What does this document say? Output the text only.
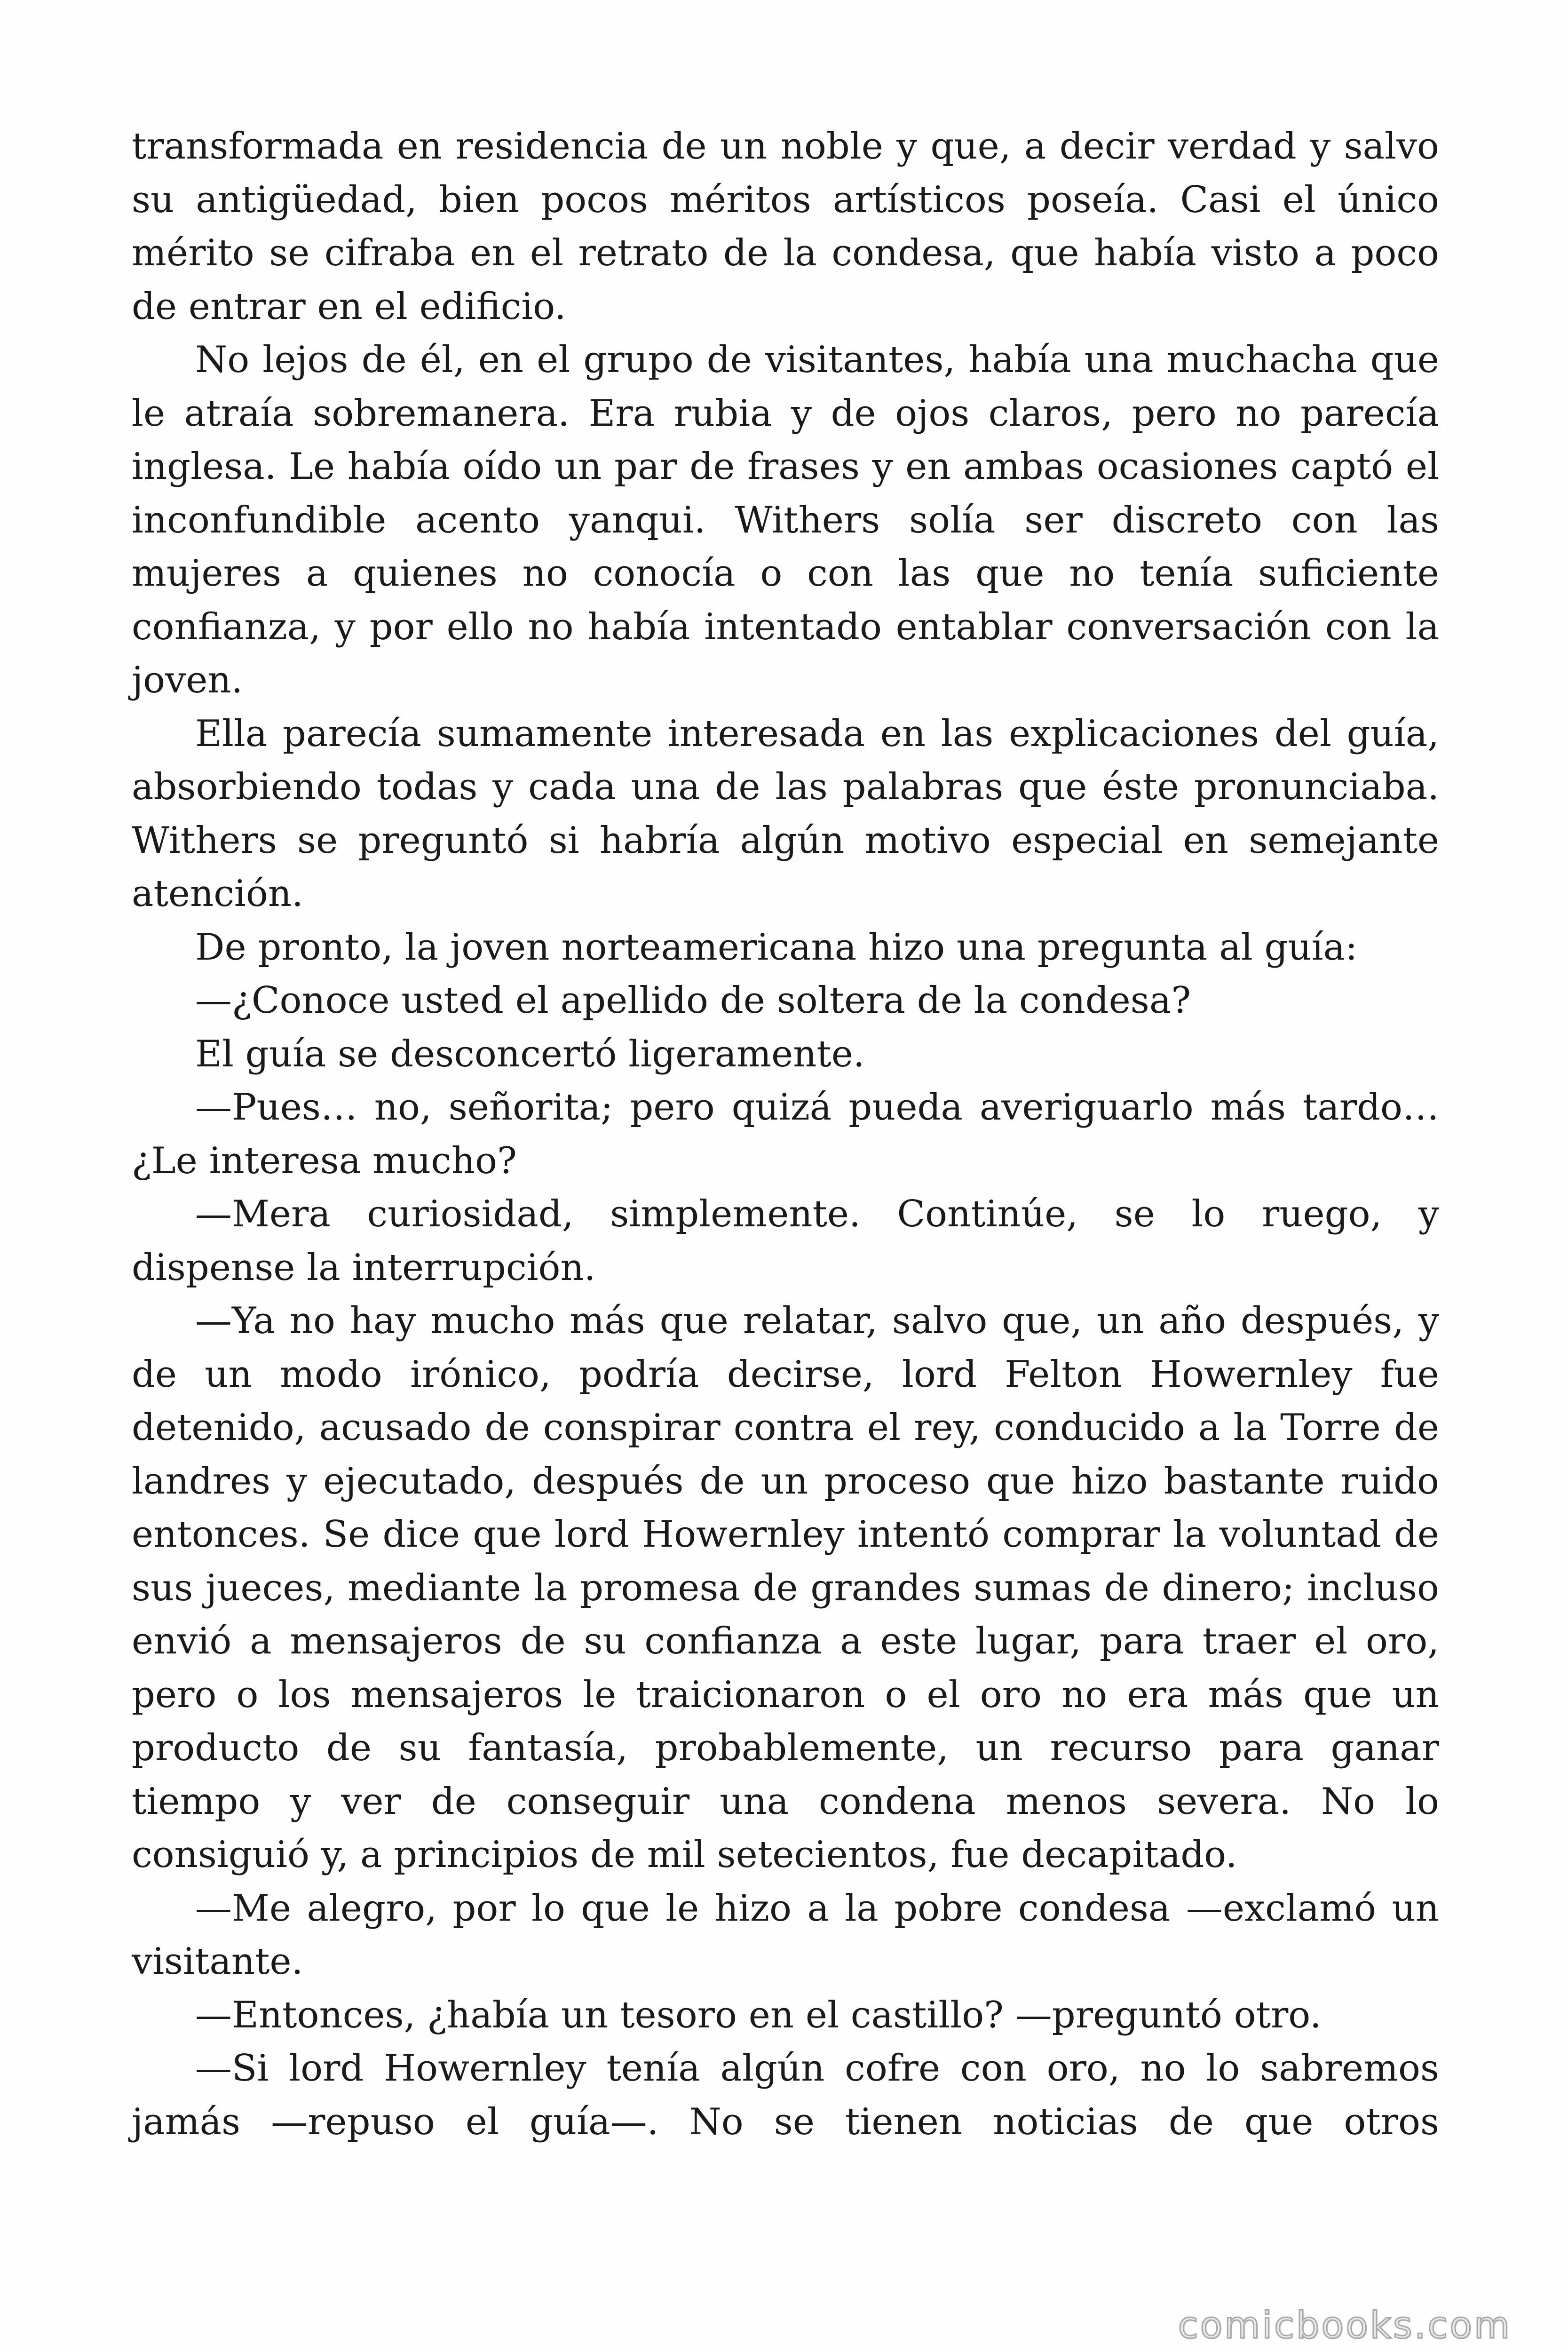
transformada en residencia de un noble y que, a decir verdad y salvo su antigüedad, bien pocos méritos artísticos poseía. Casi el único mérito se cifraba en el retrato de la condesa, que había visto a poco de entrar en el edificio.

No lejos de él, en el grupo de visitantes, había una muchacha que le atraía sobremanera. Era rubia y de ojos claros, pero no parecía inglesa. Le había oído un par de frases y en ambas ocasiones captó el inconfundible acento yanqui. Withers solía ser discreto con las mujeres a quienes no conocía o con las que no tenía suficiente confianza, y por ello no había intentado entablar conversación con la joven.

Ella parecía sumamente interesada en las explicaciones del guía, absorbiendo todas y cada una de las palabras que éste pronunciaba. Withers se preguntó si habría algún motivo especial en semejante atención.

De pronto, la joven norteamericana hizo una pregunta al guía:

—¿Conoce usted el apellido de soltera de la condesa?

El guía se desconcertó ligeramente.

—Pues… no, señorita; pero quizá pueda averiguarlo más tardo… ¿Le interesa mucho?

—Mera curiosidad, simplemente. Continúe, se lo ruego, y dispense la interrupción.

—Ya no hay mucho más que relatar, salvo que, un año después, y de un modo irónico, podría decirse, lord Felton Howernley fue detenido, acusado de conspirar contra el rey, conducido a la Torre de landres y ejecutado, después de un proceso que hizo bastante ruido entonces. Se dice que lord Howernley intentó comprar la voluntad de sus jueces, mediante la promesa de grandes sumas de dinero; incluso envió a mensajeros de su confianza a este lugar, para traer el oro, pero o los mensajeros le traicionaron o el oro no era más que un producto de su fantasía, probablemente, un recurso para ganar tiempo y ver de conseguir una condena menos severa. No lo consiguió y, a principios de mil setecientos, fue decapitado.

—Me alegro, por lo que le hizo a la pobre condesa —exclamó un visitante.

—Entonces, ¿había un tesoro en el castillo? —preguntó otro.

—Si lord Howernley tenía algún cofre con oro, no lo sabremos jamás —repuso el guía—. No se tienen noticias de que otros

comicbooks.com
